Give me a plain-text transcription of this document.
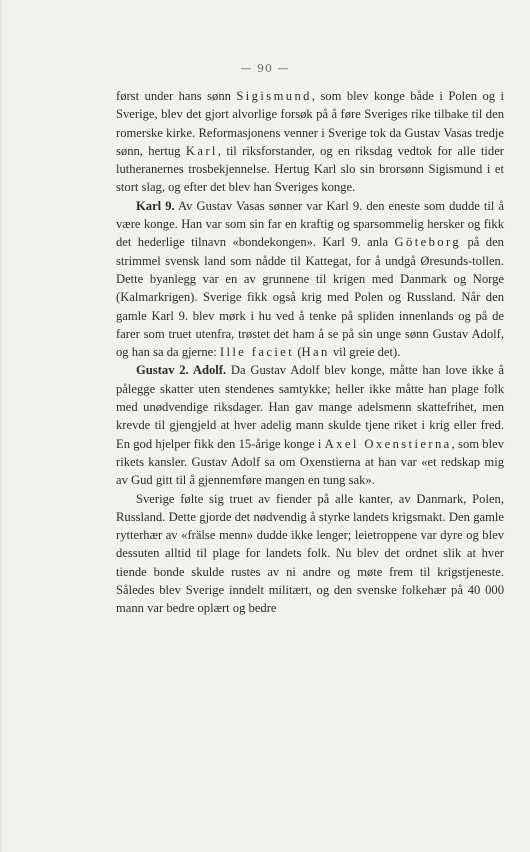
— 90 —

først under hans sønn Sigismund, som blev konge både i Polen og i Sverige, blev det gjort alvorlige forsøk på å føre Sveriges rike tilbake til den romerske kirke. Reformasjonens venner i Sverige tok da Gustav Vasas tredje sønn, hertug Karl, til riksforstander, og en riksdag vedtok for alle tider lutheranernes trosbekjennelse. Hertug Karl slo sin brorsønn Sigismund i et stort slag, og efter det blev han Sveriges konge.

Karl 9. Av Gustav Vasas sønner var Karl 9. den eneste som dudde til å være konge. Han var som sin far en kraftig og sparsommelig hersker og fikk det hederlige tilnavn «bondekongen». Karl 9. anla Göteborg på den strimmel svensk land som nådde til Kattegat, for å undgå Øresunds-tollen. Dette byanlegg var en av grunnene til krigen med Danmark og Norge (Kalmarkrigen). Sverige fikk også krig med Polen og Russland. Når den gamle Karl 9. blev mørk i hu ved å tenke på spliden innenlands og på de farer som truet utenfra, trøstet det ham å se på sin unge sønn Gustav Adolf, og han sa da gjerne: Ille faciet (Han vil greie det).

Gustav 2. Adolf. Da Gustav Adolf blev konge, måtte han love ikke å pålegge skatter uten stendenes samtykke; heller ikke måtte han plage folk med unødvendige riksdager. Han gav mange adelsmenn skattefrihet, men krevde til gjengjeld at hver adelig mann skulde tjene riket i krig eller fred. En god hjelper fikk den 15-årige konge i Axel Oxenstierna, som blev rikets kansler. Gustav Adolf sa om Oxenstierna at han var «et redskap mig av Gud gitt til å gjennemføre mangen en tung sak».

Sverige følte sig truet av fiender på alle kanter, av Danmark, Polen, Russland. Dette gjorde det nødvendig å styrke landets krigsmakt. Den gamle rytterhær av «frälse menn» dudde ikke lenger; leietroppene var dyre og blev dessuten alltid til plage for landets folk. Nu blev det ordnet slik at hver tiende bonde skulde rustes av ni andre og møte frem til krigstjeneste. Således blev Sverige inndelt militært, og den svenske folkehær på 40 000 mann var bedre oplært og bedre
